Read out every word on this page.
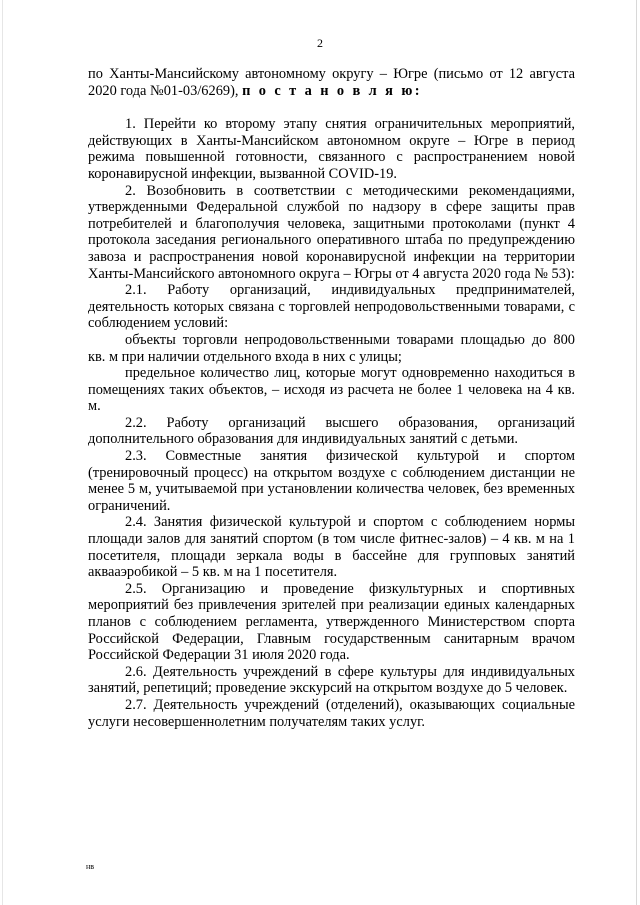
2

по Ханты-Мансийскому автономному округу – Югре (письмо от 12 августа 2020 года №01-03/6269), п о с т а н о в л я ю:

1. Перейти ко второму этапу снятия ограничительных мероприятий, действующих в Ханты-Мансийском автономном округе – Югре в период режима повышенной готовности, связанного с распространением новой коронавирусной инфекции, вызванной COVID-19.

2. Возобновить в соответствии с методическими рекомендациями, утвержденными Федеральной службой по надзору в сфере защиты прав потребителей и благополучия человека, защитными протоколами (пункт 4 протокола заседания регионального оперативного штаба по предупреждению завоза и распространения новой коронавирусной инфекции на территории Ханты-Мансийского автономного округа – Югры от 4 августа 2020 года № 53):

2.1. Работу организаций, индивидуальных предпринимателей, деятельность которых связана с торговлей непродовольственными товарами, с соблюдением условий:

объекты торговли непродовольственными товарами площадью до 800 кв. м при наличии отдельного входа в них с улицы;

предельное количество лиц, которые могут одновременно находиться в помещениях таких объектов, – исходя из расчета не более 1 человека на 4 кв. м.

2.2. Работу организаций высшего образования, организаций дополнительного образования для индивидуальных занятий с детьми.

2.3. Совместные занятия физической культурой и спортом (тренировочный процесс) на открытом воздухе с соблюдением дистанции не менее 5 м, учитываемой при установлении количества человек, без временных ограничений.

2.4. Занятия физической культурой и спортом с соблюдением нормы площади залов для занятий спортом (в том числе фитнес-залов) – 4 кв. м на 1 посетителя, площади зеркала воды в бассейне для групповых занятий аквааэробикой – 5 кв. м на 1 посетителя.

2.5. Организацию и проведение физкультурных и спортивных мероприятий без привлечения зрителей при реализации единых календарных планов с соблюдением регламента, утвержденного Министерством спорта Российской Федерации, Главным государственным санитарным врачом Российской Федерации 31 июля 2020 года.

2.6. Деятельность учреждений в сфере культуры для индивидуальных занятий, репетиций; проведение экскурсий на открытом воздухе до 5 человек.

2.7. Деятельность учреждений (отделений), оказывающих социальные услуги несовершеннолетним получателям таких услуг.

нв
